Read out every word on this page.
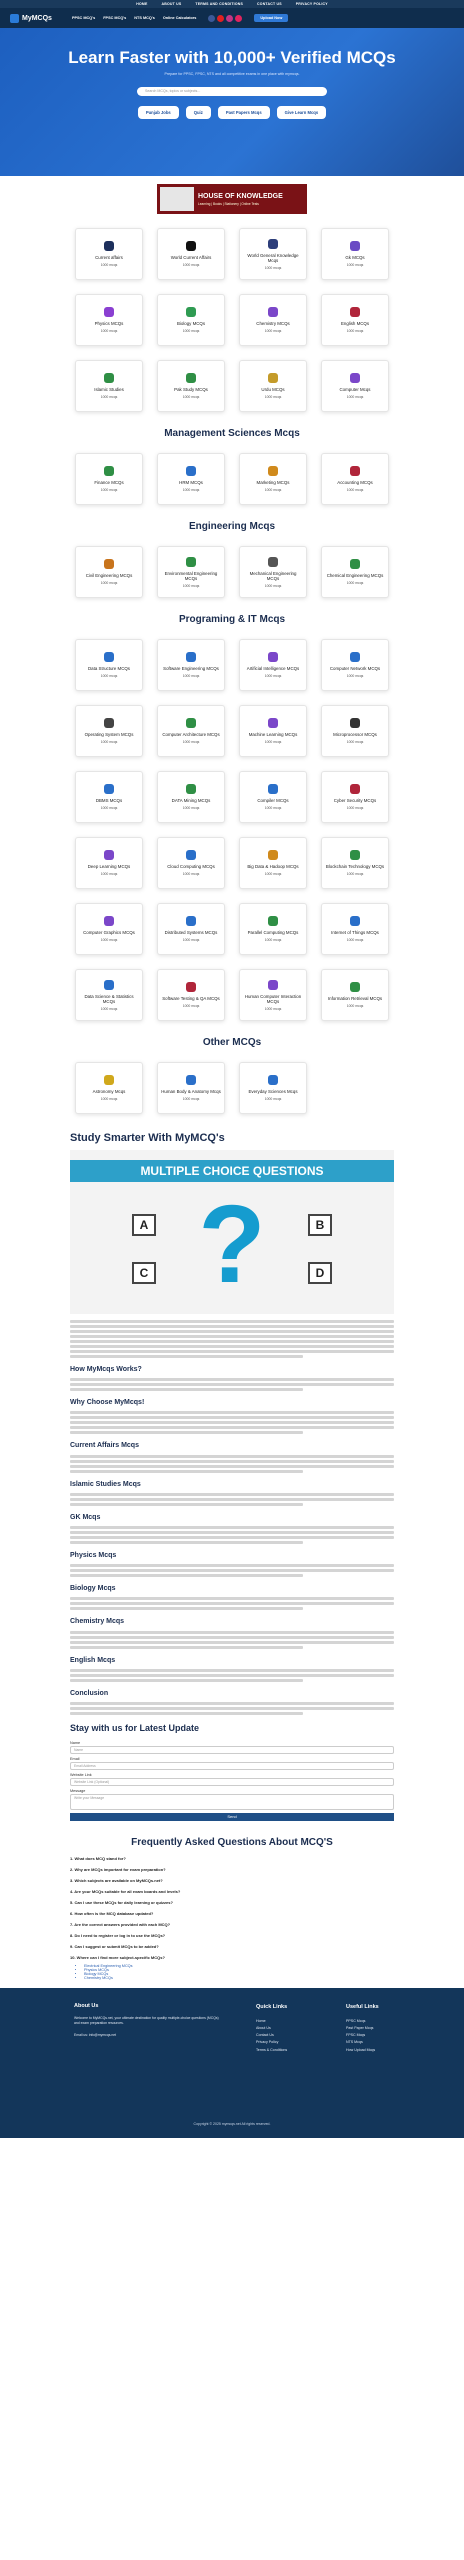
HOME	ABOUT US	TERMS AND CONDITIONS	CONTACT US	PRIVACY POLICY
MyMCQs	PPSC MCQ's FPSC MCQ's NTS MCQ's Online Calculators	Upload Now
Learn Faster with 10,000+ Verified MCQs

Prepare for PPSC, FPSC, NTS and all competitive exams in one place with mymcqs.

Search MCQs, topics or subjects...
Punjab Jobs	Quiz	Past Papers Mcqs	Give Learn Mcqs
HOUSE OF KNOWLEDGE
Learning | Books | Stationery | Online Tests
Current affairs
1000 mcqs
World Current Affairs
1000 mcqs
World General Knowledge Mcqs
1000 mcqs
Gk MCQs
1000 mcqs
Physics MCQs
1000 mcqs
Biology MCQs
1000 mcqs
Chemistry MCQs
1000 mcqs
English MCQs
1000 mcqs
Islamic Studies
1000 mcqs
Pak Study MCQs
1000 mcqs
Urdu MCQs
1000 mcqs
Computer Mcqs
1000 mcqs
Management Sciences Mcqs
Finance MCQs
1000 mcqs
HRM MCQs
1000 mcqs
Marketing MCQs
1000 mcqs
Accounting MCQs
1000 mcqs
Engineering Mcqs
Civil Engineering MCQs
1000 mcqs
Environmental Engineering MCQs
1000 mcqs
Mechanical Engineering MCQs
1000 mcqs
Chemical Engineering MCQs
1000 mcqs
Programing & IT Mcqs
Data Structure MCQs
1000 mcqs
Software Engineering MCQs
1000 mcqs
Artificial Intelligence MCQs
1000 mcqs
Computer Network MCQs
1000 mcqs
Operating System MCQs
1000 mcqs
Computer Architecture MCQs
1000 mcqs
Machine Learning MCQs
1000 mcqs
Microprocessor MCQs
1000 mcqs
DBMS MCQs
1000 mcqs
DATA Mining MCQs
1000 mcqs
Compiler MCQs
1000 mcqs
Cyber Security MCQs
1000 mcqs
Deep Learning MCQs
1000 mcqs
Cloud Computing MCQs
1000 mcqs
Big Data & Hadoop MCQs
1000 mcqs
Blockchain Technology MCQs
1000 mcqs
Computer Graphics MCQs
1000 mcqs
Distributed Systems MCQs
1000 mcqs
Parallel Computing MCQs
1000 mcqs
Internet of Things MCQs
1000 mcqs
Data Science & Statistics MCQs
1000 mcqs
Software Testing & QA MCQs
1000 mcqs
Human Computer Interaction MCQs
1000 mcqs
Information Retrieval MCQs
1000 mcqs
Other MCQs
Astronomy Mcqs
1000 mcqs
Human Body & Anatomy Mcqs
1000 mcqs
Everyday Sciences Mcqs
1000 mcqs
Study Smarter With MyMCQ's
MULTIPLE CHOICE QUESTIONS
?
A	B
C	D
How MyMcqs Works?
Why Choose MyMcqs!
Current Affairs Mcqs
Islamic Studies Mcqs
GK Mcqs
Physics Mcqs
Biology Mcqs
Chemistry Mcqs
English Mcqs
Conclusion
Stay with us for Latest Update
Name
Name
Email
Email Address
Website Link
Website Link (Optional)
Message
Write your Message
Send
Frequently Asked Questions About MCQ'S
1. What does MCQ stand for?
2. Why are MCQs important for exam preparation?
3. Which subjects are available on MyMCQs.net?
4. Are your MCQs suitable for all exam boards and levels?
5. Can I use these MCQs for daily learning or quizzes?
6. How often is the MCQ database updated?
7. Are the correct answers provided with each MCQ?
8. Do I need to register or log in to use the MCQs?
9. Can I suggest or submit MCQs to be added?
10. Where can I find more subject-specific MCQs?
• Electrical Engineering MCQs
• Physics MCQs
• Biology MCQs
• Chemistry MCQs
About Us
Welcome to MyMCQs.net, your ultimate destination for quality multiple-choice questions (MCQs) and exam preparation resources.
Email us: info@mymcqs.net
Quick Links
Home
About Us
Contact Us
Privacy Policy
Terms & Conditions
Useful Links
PPSC Mcqs
Past Paper Mcqs
FPSC Mcqs
NTS Mcqs
How Upload Mcqs
Copyright © 2025 mymcqs.net All rights reserved.
